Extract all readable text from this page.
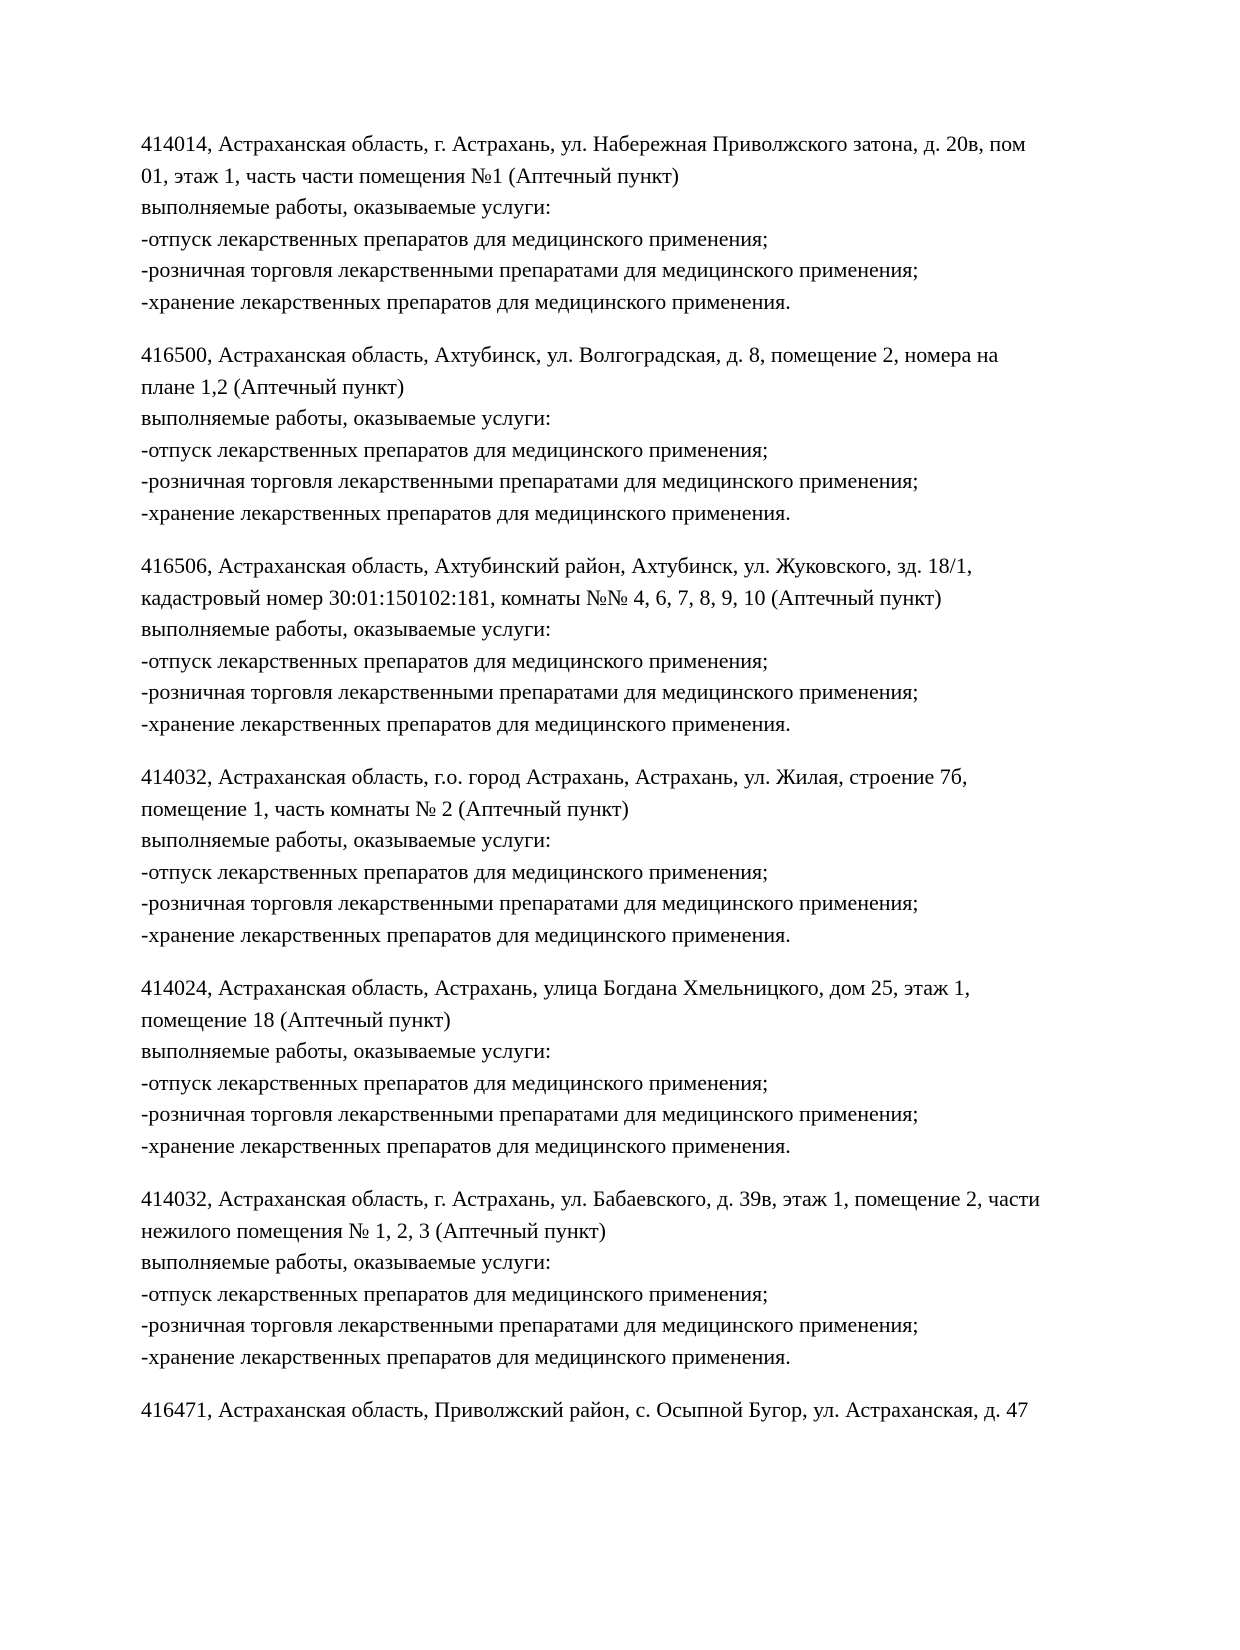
414014, Астраханская область, г. Астрахань, ул. Набережная Приволжского затона, д. 20в, пом
01, этаж 1, часть части помещения №1 (Аптечный пункт)
выполняемые работы, оказываемые услуги:
-отпуск лекарственных препаратов для медицинского применения;
-розничная торговля лекарственными препаратами для медицинского применения;
-хранение лекарственных препаратов для медицинского применения.

416500, Астраханская область, Ахтубинск, ул. Волгоградская, д. 8, помещение 2, номера на
плане 1,2 (Аптечный пункт)
выполняемые работы, оказываемые услуги:
-отпуск лекарственных препаратов для медицинского применения;
-розничная торговля лекарственными препаратами для медицинского применения;
-хранение лекарственных препаратов для медицинского применения.

416506, Астраханская область, Ахтубинский район, Ахтубинск, ул. Жуковского, зд. 18/1,
кадастровый номер 30:01:150102:181, комнаты №№ 4, 6, 7, 8, 9, 10 (Аптечный пункт)
выполняемые работы, оказываемые услуги:
-отпуск лекарственных препаратов для медицинского применения;
-розничная торговля лекарственными препаратами для медицинского применения;
-хранение лекарственных препаратов для медицинского применения.

414032, Астраханская область, г.о. город Астрахань, Астрахань, ул. Жилая, строение 7б,
помещение 1, часть комнаты № 2 (Аптечный пункт)
выполняемые работы, оказываемые услуги:
-отпуск лекарственных препаратов для медицинского применения;
-розничная торговля лекарственными препаратами для медицинского применения;
-хранение лекарственных препаратов для медицинского применения.

414024, Астраханская область, Астрахань, улица Богдана Хмельницкого, дом 25, этаж 1,
помещение 18 (Аптечный пункт)
выполняемые работы, оказываемые услуги:
-отпуск лекарственных препаратов для медицинского применения;
-розничная торговля лекарственными препаратами для медицинского применения;
-хранение лекарственных препаратов для медицинского применения.

414032, Астраханская область, г. Астрахань, ул. Бабаевского, д. 39в, этаж 1, помещение 2, части
нежилого помещения № 1, 2, 3 (Аптечный пункт)
выполняемые работы, оказываемые услуги:
-отпуск лекарственных препаратов для медицинского применения;
-розничная торговля лекарственными препаратами для медицинского применения;
-хранение лекарственных препаратов для медицинского применения.

416471, Астраханская область, Приволжский район, с. Осыпной Бугор, ул. Астраханская, д. 47
